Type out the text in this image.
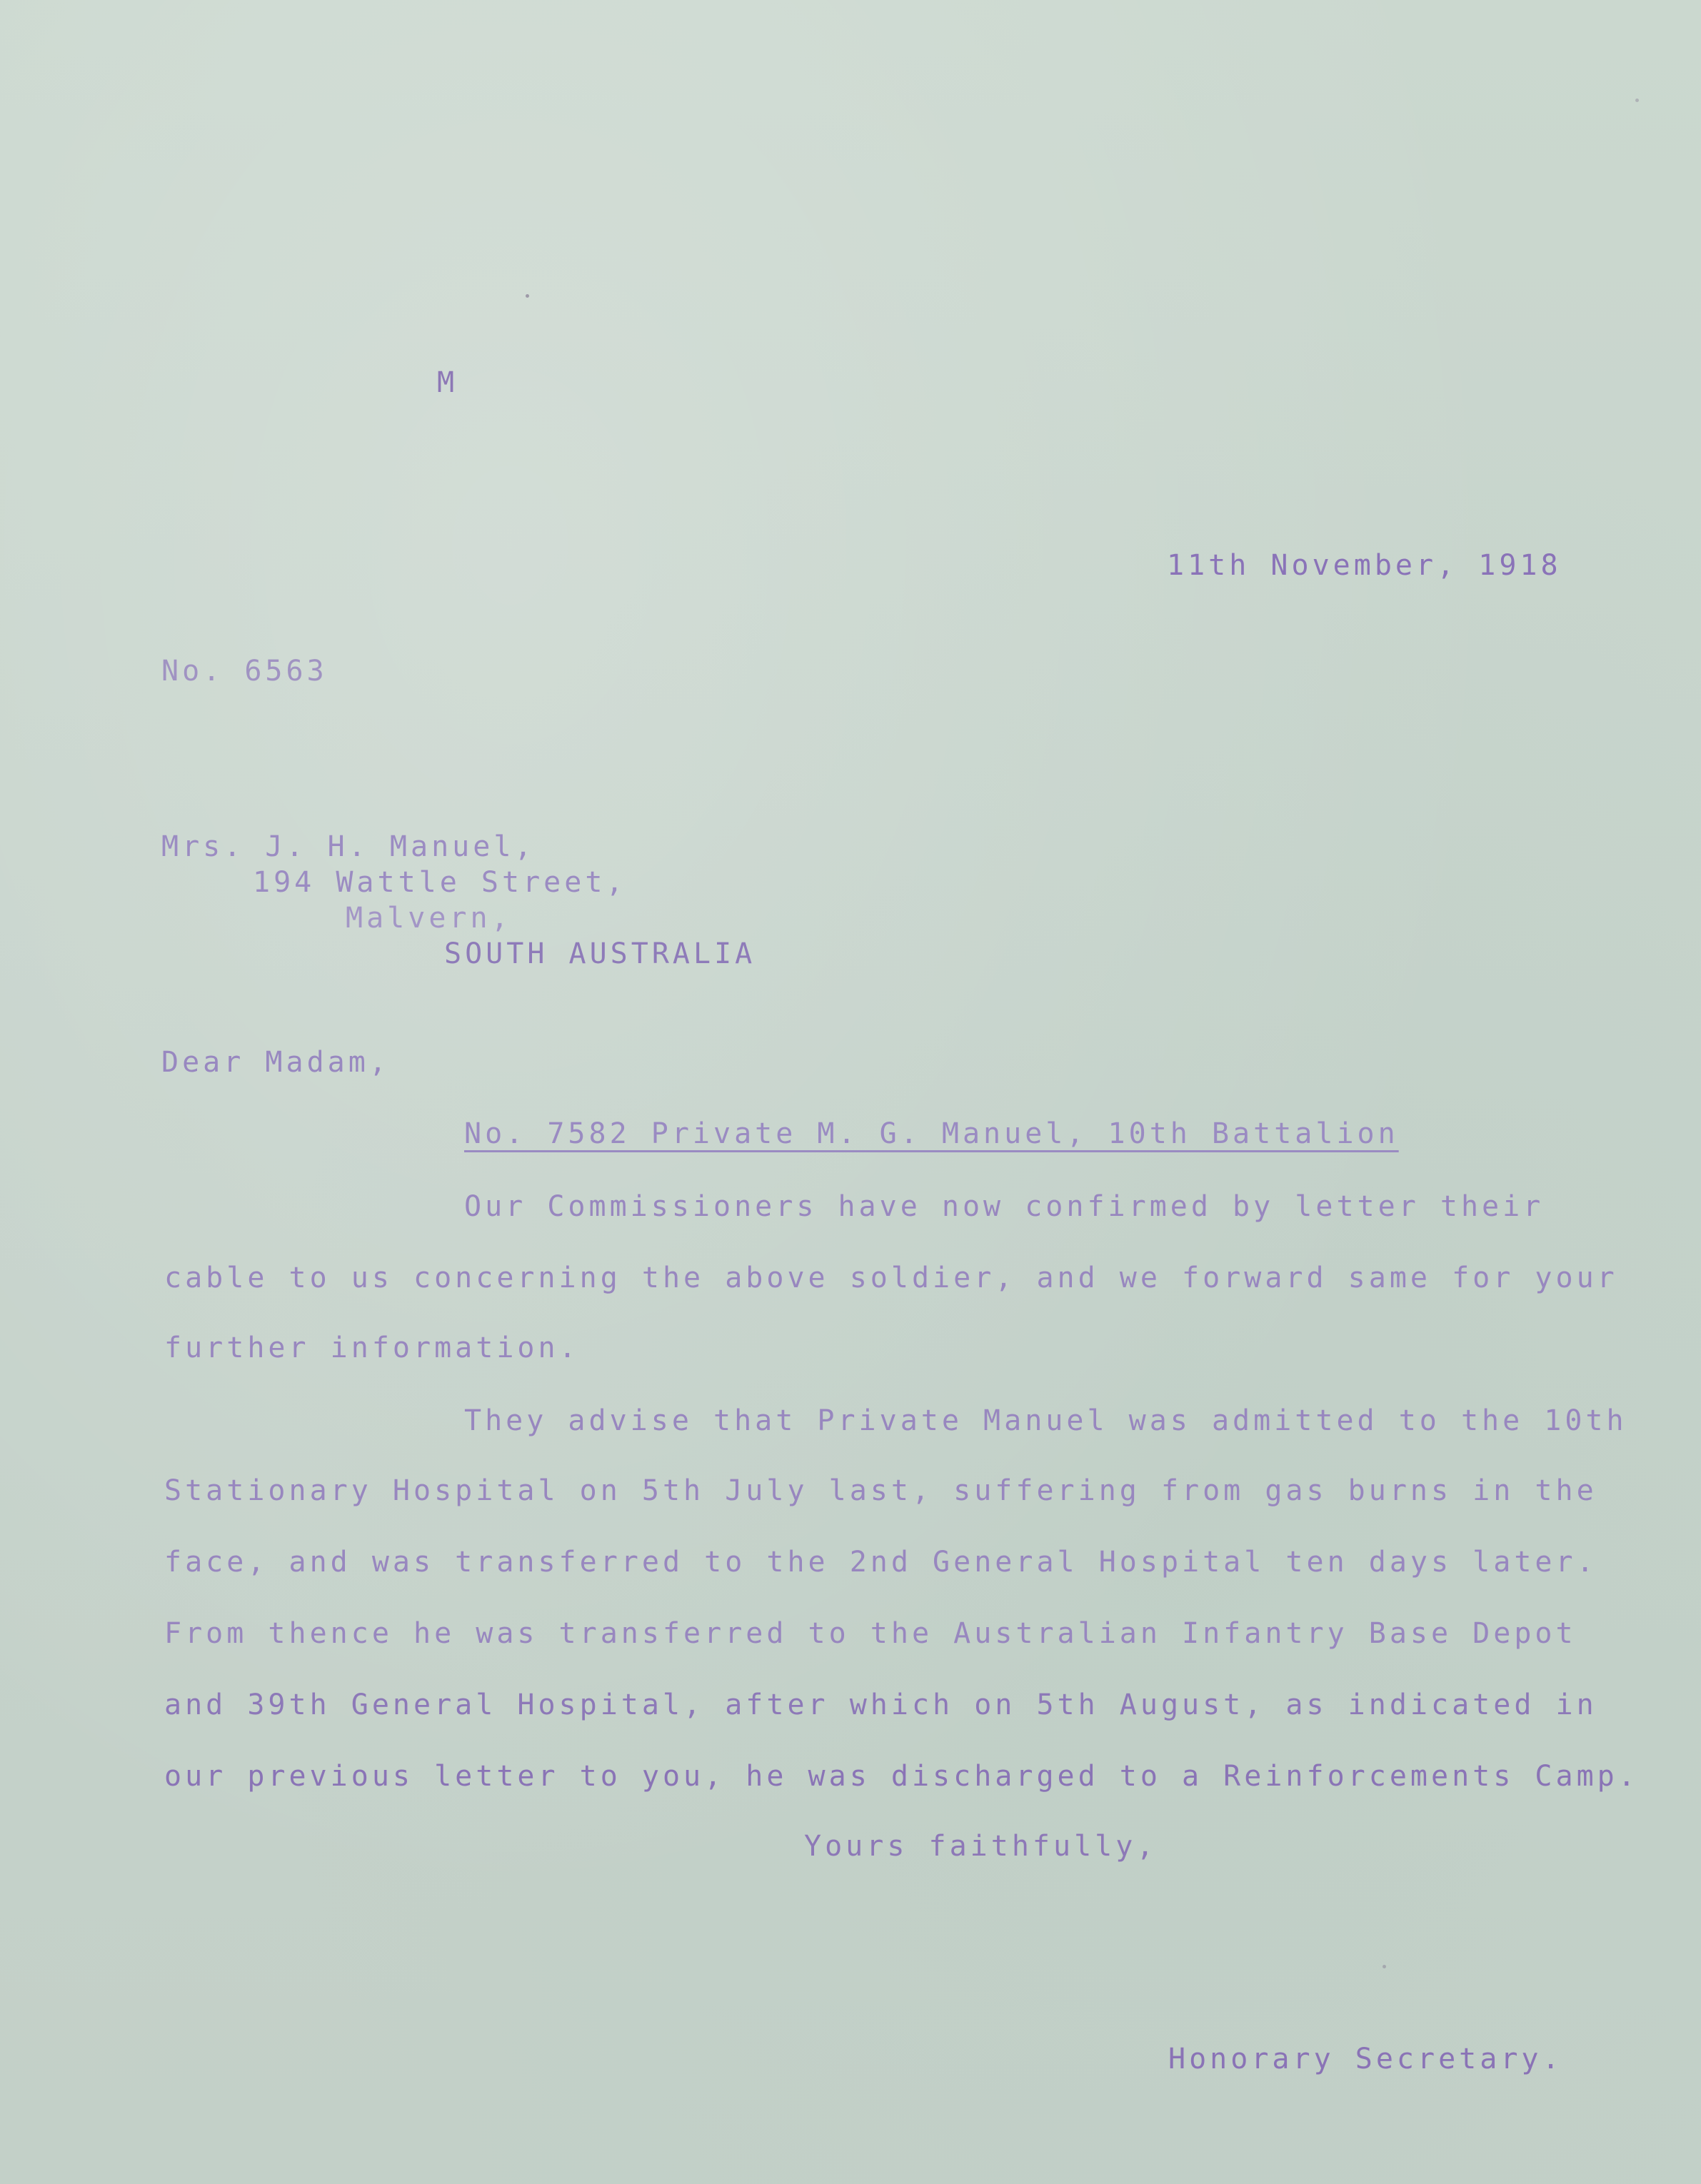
M
11th November, 1918
No. 6563
Mrs. J. H. Manuel,
194 Wattle Street,
Malvern,
SOUTH AUSTRALIA
Dear Madam,
No. 7582 Private M. G. Manuel, 10th Battalion
Our Commissioners have now confirmed by letter their
cable to us concerning the above soldier, and we forward same for your
further information.
They advise that Private Manuel was admitted to the 10th
Stationary Hospital on 5th July last, suffering from gas burns in the
face, and was transferred to the 2nd General Hospital ten days later.
From thence he was transferred to the Australian Infantry Base Depot
and 39th General Hospital, after which on 5th August, as indicated in
our previous letter to you, he was discharged to a Reinforcements Camp.
Yours faithfully,
Honorary Secretary.
